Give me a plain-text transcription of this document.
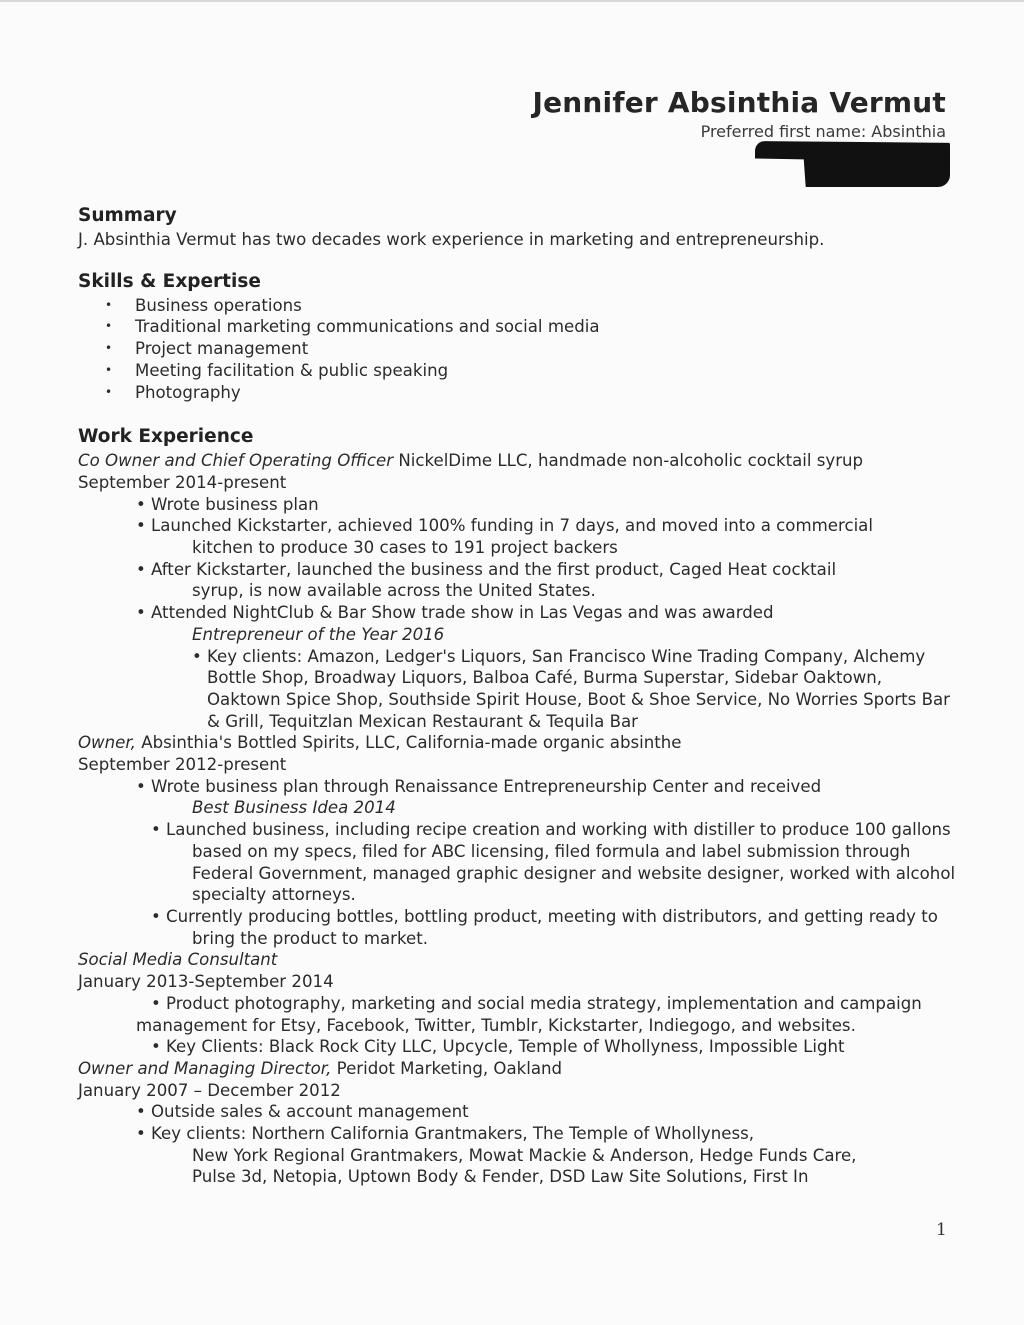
Jennifer Absinthia Vermut
Preferred first name: Absinthia
Summary
J. Absinthia Vermut has two decades work experience in marketing and entrepreneurship.
Skills & Expertise
• Business operations
• Traditional marketing communications and social media
• Project management
• Meeting facilitation & public speaking
• Photography
Work Experience
Co Owner and Chief Operating Officer NickelDime LLC, handmade non-alcoholic cocktail syrup
September 2014-present
• Wrote business plan
• Launched Kickstarter, achieved 100% funding in 7 days, and moved into a commercial
kitchen to produce 30 cases to 191 project backers
• After Kickstarter, launched the business and the first product, Caged Heat cocktail
syrup, is now available across the United States.
• Attended NightClub & Bar Show trade show in Las Vegas and was awarded
Entrepreneur of the Year 2016
• Key clients: Amazon, Ledger's Liquors, San Francisco Wine Trading Company, Alchemy Bottle Shop, Broadway Liquors, Balboa Café, Burma Superstar, Sidebar Oaktown, Oaktown Spice Shop, Southside Spirit House, Boot & Shoe Service, No Worries Sports Bar & Grill, Tequitzlan Mexican Restaurant & Tequila Bar
Owner, Absinthia's Bottled Spirits, LLC, California-made organic absinthe
September 2012-present
• Wrote business plan through Renaissance Entrepreneurship Center and received
Best Business Idea 2014
• Launched business, including recipe creation and working with distiller to produce 100 gallons based on my specs, filed for ABC licensing, filed formula and label submission through Federal Government, managed graphic designer and website designer, worked with alcohol specialty attorneys.
• Currently producing bottles, bottling product, meeting with distributors, and getting ready to bring the product to market.
Social Media Consultant
January 2013-September 2014
• Product photography, marketing and social media strategy, implementation and campaign management for Etsy, Facebook, Twitter, Tumblr, Kickstarter, Indiegogo, and websites.
• Key Clients: Black Rock City LLC, Upcycle, Temple of Whollyness, Impossible Light
Owner and Managing Director, Peridot Marketing, Oakland
January 2007 – December 2012
• Outside sales & account management
• Key clients: Northern California Grantmakers, The Temple of Whollyness,
New York Regional Grantmakers, Mowat Mackie & Anderson, Hedge Funds Care,
Pulse 3d, Netopia, Uptown Body & Fender, DSD Law Site Solutions, First In
1
